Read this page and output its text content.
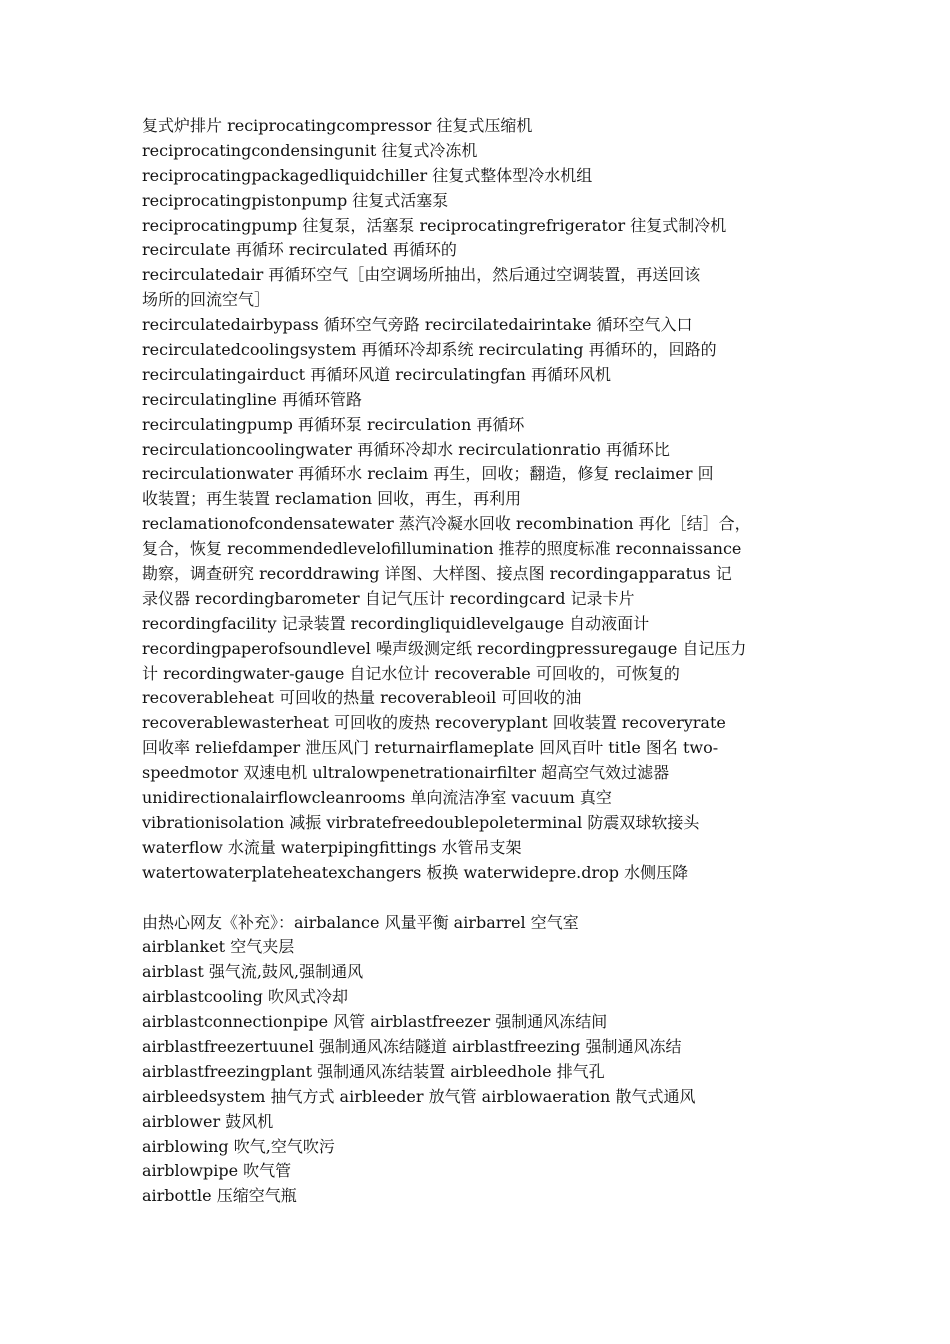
复式炉排片 reciprocatingcompressor 往复式压缩机
reciprocatingcondensingunit 往复式冷冻机
reciprocatingpackagedliquidchiller 往复式整体型冷水机组
reciprocatingpistonpump 往复式活塞泵
reciprocatingpump 往复泵，活塞泵 reciprocatingrefrigerator 往复式制冷机
recirculate 再循环 recirculated 再循环的
recirculatedair 再循环空气［由空调场所抽出，然后通过空调装置，再送回该
场所的回流空气］
recirculatedairbypass 循环空气旁路 recircilatedairintake 循环空气入口
recirculatedcoolingsystem 再循环冷却系统 recirculating 再循环的，回路的
recirculatingairduct 再循环风道 recirculatingfan 再循环风机
recirculatingline 再循环管路
recirculatingpump 再循环泵 recirculation 再循环
recirculationcoolingwater 再循环冷却水 recirculationratio 再循环比
recirculationwater 再循环水 reclaim 再生，回收；翻造，修复 reclaimer 回
收装置；再生装置 reclamation 回收，再生，再利用
reclamationofcondensatewater 蒸汽冷凝水回收 recombination 再化［结］合，
复合，恢复 recommendedlevelofillumination 推荐的照度标准 reconnaissance
勘察，调查研究 recorddrawing 详图、大样图、接点图 recordingapparatus 记
录仪器 recordingbarometer 自记气压计 recordingcard 记录卡片
recordingfacility 记录装置 recordingliquidlevelgauge 自动液面计
recordingpaperofsoundlevel 噪声级测定纸 recordingpressuregauge 自记压力
计 recordingwater-gauge 自记水位计 recoverable 可回收的，可恢复的
recoverableheat 可回收的热量 recoverableoil 可回收的油
recoverablewasterheat 可回收的废热 recoveryplant 回收装置 recoveryrate
回收率 reliefdamper 泄压风门 returnairflameplate 回风百叶 title 图名 two-
speedmotor 双速电机 ultralowpenetrationairfilter 超高空气效过滤器
unidirectionalairflowcleanrooms 单向流洁净室 vacuum 真空
vibrationisolation 减振 virbratefreedoublepoleterminal 防震双球软接头
waterflow 水流量 waterpipingfittings 水管吊支架
watertowaterplateheatexchangers 板换 waterwidepre.drop 水侧压降
由热心网友《补充》：airbalance 风量平衡 airbarrel 空气室
airblanket 空气夹层
airblast 强气流,鼓风,强制通风
airblastcooling 吹风式冷却
airblastconnectionpipe 风管 airblastfreezer 强制通风冻结间
airblastfreezertuunel 强制通风冻结隧道 airblastfreezing 强制通风冻结
airblastfreezingplant 强制通风冻结装置 airbleedhole 排气孔
airbleedsystem 抽气方式 airbleeder 放气管 airblowaeration 散气式通风
airblower 鼓风机
airblowing 吹气,空气吹污
airblowpipe 吹气管
airbottle 压缩空气瓶
